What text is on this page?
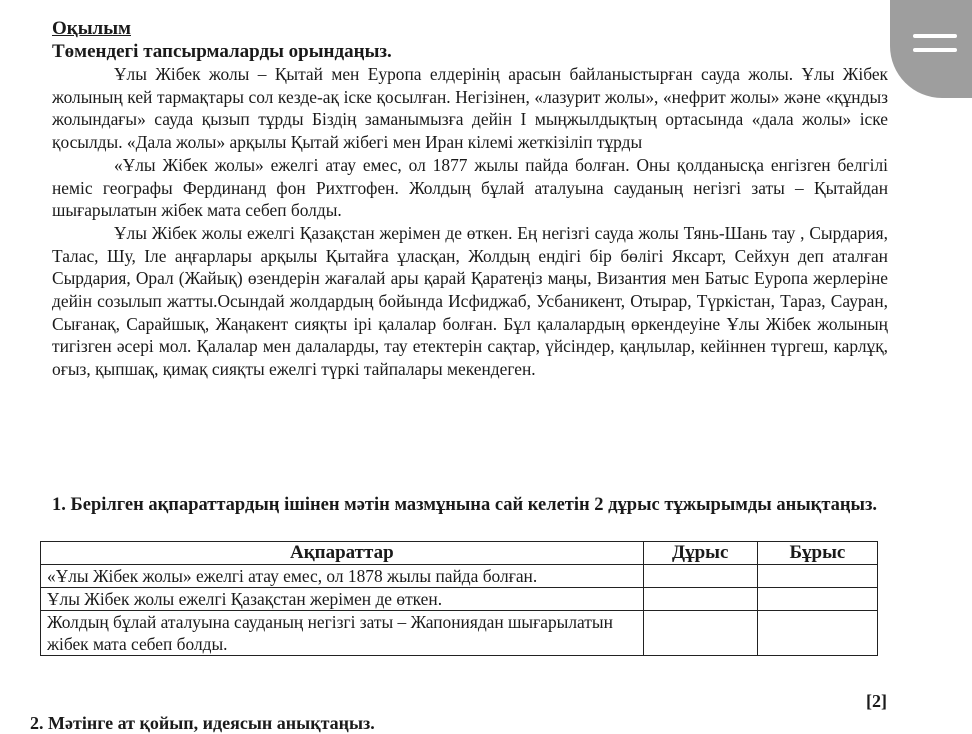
Оқылым
Төмендегі тапсырмаларды орындаңыз.

Ұлы Жібек жолы – Қытай мен Еуропа елдерінің арасын байланыстырған сауда жолы. Ұлы Жібек жолының кей тармақтары сол кезде-ақ іске қосылған. Негізінен, «лазурит жолы», «нефрит жолы» және «құндыз жолындағы» сауда қызып тұрды Біздің заманымызға дейін I мыңжылдықтың ортасында «дала жолы» іске қосылды. «Дала жолы» арқылы Қытай жібегі мен Иран кілемі жеткізіліп тұрды

«Ұлы Жібек жолы» ежелгі атау емес, ол 1877 жылы пайда болған. Оны қолданысқа енгізген белгілі неміс географы Фердинанд фон Рихтгофен. Жолдың бұлай аталуына сауданың негізгі заты – Қытайдан шығарылатын жібек мата себеп болды.

Ұлы Жібек жолы ежелгі Қазақстан жерімен де өткен. Ең негізгі сауда жолы Тянь-Шань тау , Сырдария, Талас, Шу, Іле аңғарлары арқылы Қытайға ұласқан, Жолдың ендігі бір бөлігі Яксарт, Сейхун деп аталған Сырдария, Орал (Жайық) өзендерін жағалай ары қарай Қаратеңіз маңы, Византия мен Батыс Еуропа жерлеріне дейін созылып жатты.Осындай жолдардың бойында Исфиджаб, Усбаникент, Отырар, Түркістан, Тараз, Сауран, Сығанақ, Сарайшық, Жаңакент сияқты ірі қалалар болған. Бұл қалалардың өркендеуіне Ұлы Жібек жолының тигізген әсері мол. Қалалар мен далаларды, тау етектерін сақтар, үйсіндер, қаңлылар, кейіннен түргеш, карлұқ, оғыз, қыпшақ, қимақ сияқты ежелгі түркі тайпалары мекендеген.

1. Берілген ақпараттардың ішінен мәтін мазмұнына сай келетін 2 дұрыс тұжырымды анықтаңыз.
Ақпараттар	Дұрыс	Бұрыс
«Ұлы Жібек жолы» ежелгі атау емес, ол 1878 жылы пайда болған.		
Ұлы Жібек жолы ежелгі Қазақстан жерімен де өткен.		
Жолдың бұлай аталуына сауданың негізгі заты – Жапониядан шығарылатын жібек мата себеп болды.		
[2]
2. Мәтінге ат қойып, идеясын анықтаңыз.
